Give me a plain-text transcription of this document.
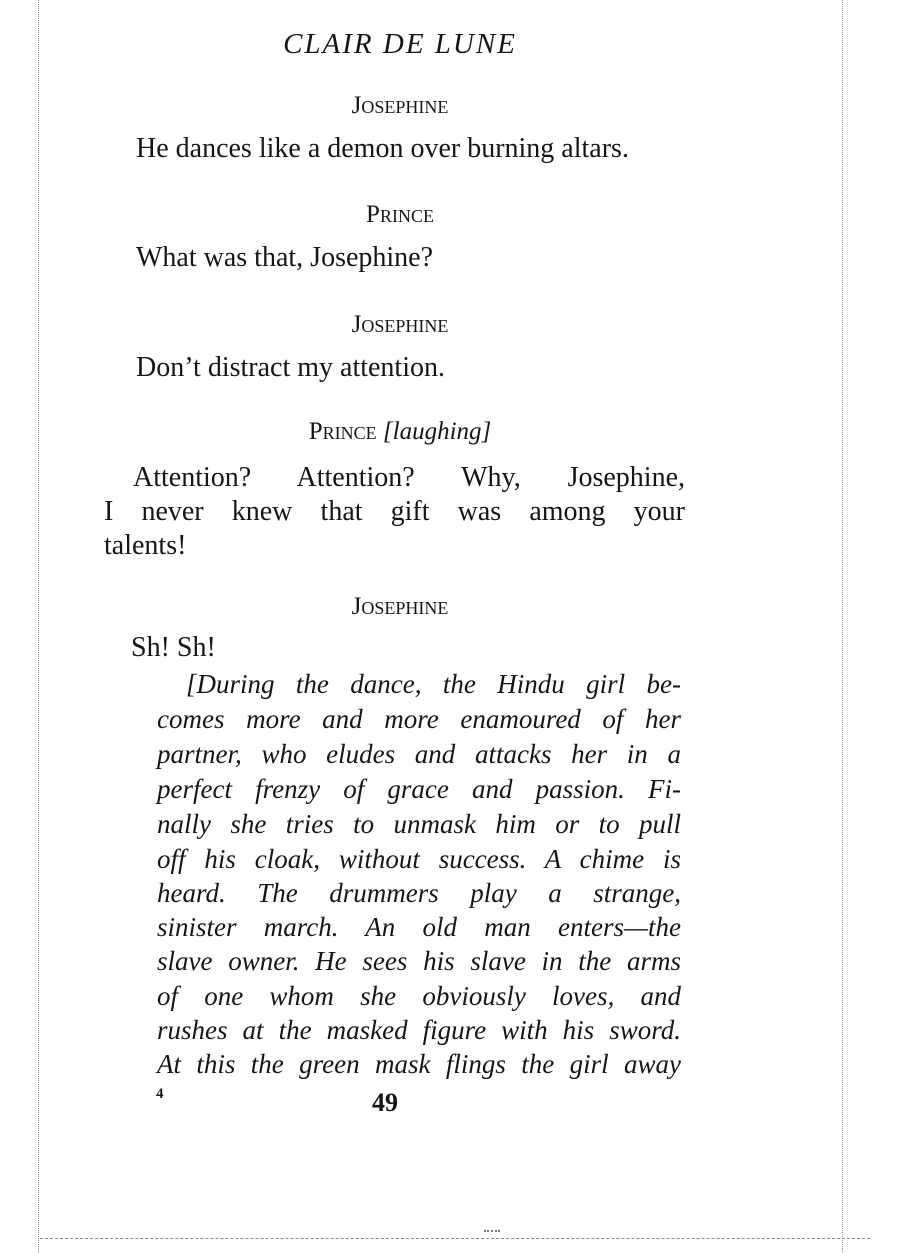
CLAIR DE LUNE
Josephine
He dances like a demon over burning altars.
Prince
What was that, Josephine?
Josephine
Don’t distract my attention.
Prince [laughing]
Attention? Attention? Why, Josephine,
I never knew that gift was among your
talents!
Josephine
Sh! Sh!
[During the dance, the Hindu girl be-
comes more and more enamoured of her
partner, who eludes and attacks her in a
perfect frenzy of grace and passion. Fi-
nally she tries to unmask him or to pull
off his cloak, without success. A chime is
heard. The drummers play a strange,
sinister march. An old man enters—the
slave owner. He sees his slave in the arms
of one whom she obviously loves, and
rushes at the masked figure with his sword.
At this the green mask flings the girl away
4	49
